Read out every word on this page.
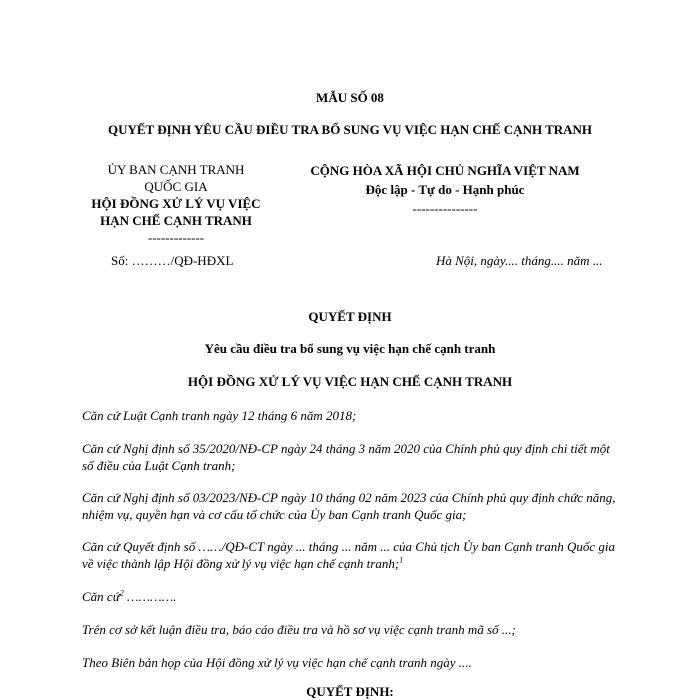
MẪU SỐ 08
QUYẾT ĐỊNH YÊU CẦU ĐIỀU TRA BỔ SUNG VỤ VIỆC HẠN CHẾ CẠNH TRANH
ỦY BAN CẠNH TRANH
QUỐC GIA
HỘI ĐỒNG XỬ LÝ VỤ VIỆC
HẠN CHẾ CẠNH TRANH
-------------
Số: ………/QĐ-HĐXL
CỘNG HÒA XÃ HỘI CHỦ NGHĨA VIỆT NAM
Độc lập - Tự do - Hạnh phúc
---------------
Hà Nội, ngày.... tháng.... năm ...
QUYẾT ĐỊNH
Yêu cầu điều tra bổ sung vụ việc hạn chế cạnh tranh
HỘI ĐỒNG XỬ LÝ VỤ VIỆC HẠN CHẾ CẠNH TRANH
Căn cứ Luật Cạnh tranh ngày 12 tháng 6 năm 2018;
Căn cứ Nghị định số 35/2020/NĐ-CP ngày 24 tháng 3 năm 2020 của Chính phủ quy định chi tiết một số điều của Luật Cạnh tranh;
Căn cứ Nghị định số 03/2023/NĐ-CP ngày 10 tháng 02 năm 2023 của Chính phủ quy định chức năng, nhiệm vụ, quyền hạn và cơ cấu tổ chức của Ủy ban Cạnh tranh Quốc gia;
Căn cứ Quyết định số ……/QĐ-CT ngày ... tháng ... năm ... của Chủ tịch Ủy ban Cạnh tranh Quốc gia về việc thành lập Hội đồng xử lý vụ việc hạn chế cạnh tranh;$^1$
Căn cứ$^2$ ………….
Trên cơ sở kết luận điều tra, báo cáo điều tra và hồ sơ vụ việc cạnh tranh mã số ...;
Theo Biên bản họp của Hội đồng xử lý vụ việc hạn chế cạnh tranh ngày ....
QUYẾT ĐỊNH:
